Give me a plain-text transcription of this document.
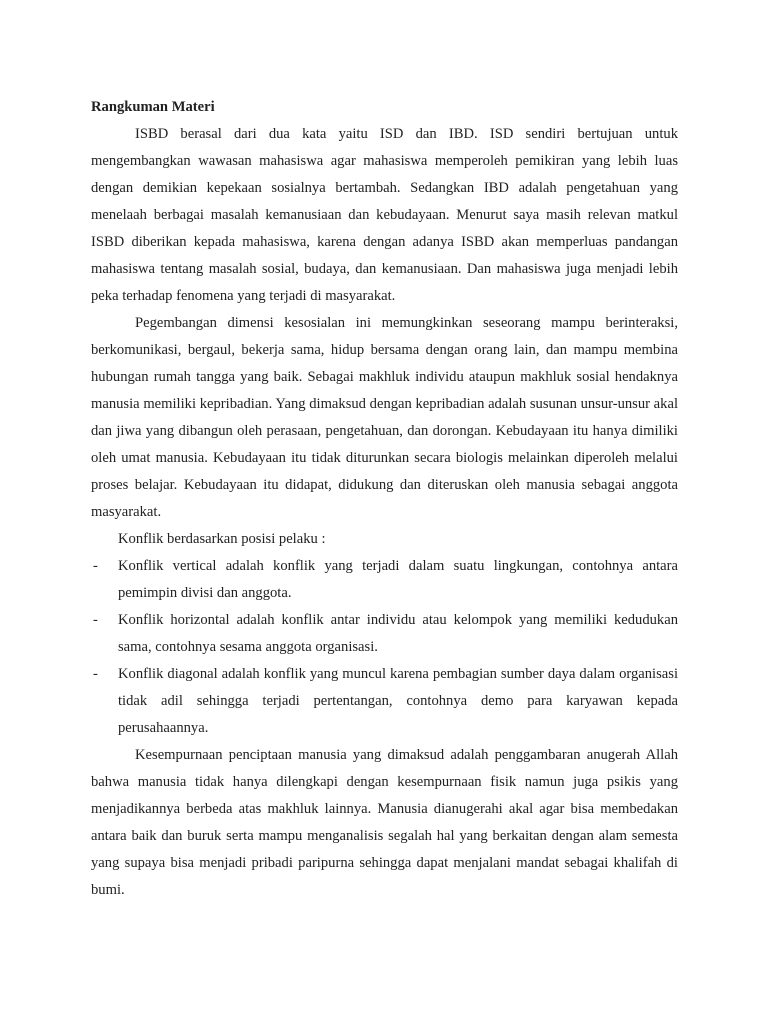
Rangkuman Materi

ISBD berasal dari dua kata yaitu ISD dan IBD. ISD sendiri bertujuan untuk mengembangkan wawasan mahasiswa agar mahasiswa memperoleh pemikiran yang lebih luas dengan demikian kepekaan sosialnya bertambah. Sedangkan IBD adalah pengetahuan yang menelaah berbagai masalah kemanusiaan dan kebudayaan. Menurut saya masih relevan matkul ISBD diberikan kepada mahasiswa, karena dengan adanya ISBD akan memperluas pandangan mahasiswa tentang masalah sosial, budaya, dan kemanusiaan. Dan mahasiswa juga menjadi lebih peka terhadap fenomena yang terjadi di masyarakat.

Pegembangan dimensi kesosialan ini memungkinkan seseorang mampu berinteraksi, berkomunikasi, bergaul, bekerja sama, hidup bersama dengan orang lain, dan mampu membina hubungan rumah tangga yang baik. Sebagai makhluk individu ataupun makhluk sosial hendaknya manusia memiliki kepribadian. Yang dimaksud dengan kepribadian adalah susunan unsur-unsur akal dan jiwa yang dibangun oleh perasaan, pengetahuan, dan dorongan. Kebudayaan itu hanya dimiliki oleh umat manusia. Kebudayaan itu tidak diturunkan secara biologis melainkan diperoleh melalui proses belajar. Kebudayaan itu didapat, didukung dan diteruskan oleh manusia sebagai anggota masyarakat.

Konflik berdasarkan posisi pelaku :

- Konflik vertical adalah konflik yang terjadi dalam suatu lingkungan, contohnya antara pemimpin divisi dan anggota.
- Konflik horizontal adalah konflik antar individu atau kelompok yang memiliki kedudukan sama, contohnya sesama anggota organisasi.
- Konflik diagonal adalah konflik yang muncul karena pembagian sumber daya dalam organisasi tidak adil sehingga terjadi pertentangan, contohnya demo para karyawan kepada perusahaannya.

Kesempurnaan penciptaan manusia yang dimaksud adalah penggambaran anugerah Allah bahwa manusia tidak hanya dilengkapi dengan kesempurnaan fisik namun juga psikis yang menjadikannya berbeda atas makhluk lainnya. Manusia dianugerahi akal agar bisa membedakan antara baik dan buruk serta mampu menganalisis segalah hal yang berkaitan dengan alam semesta yang supaya bisa menjadi pribadi paripurna sehingga dapat menjalani mandat sebagai khalifah di bumi.
